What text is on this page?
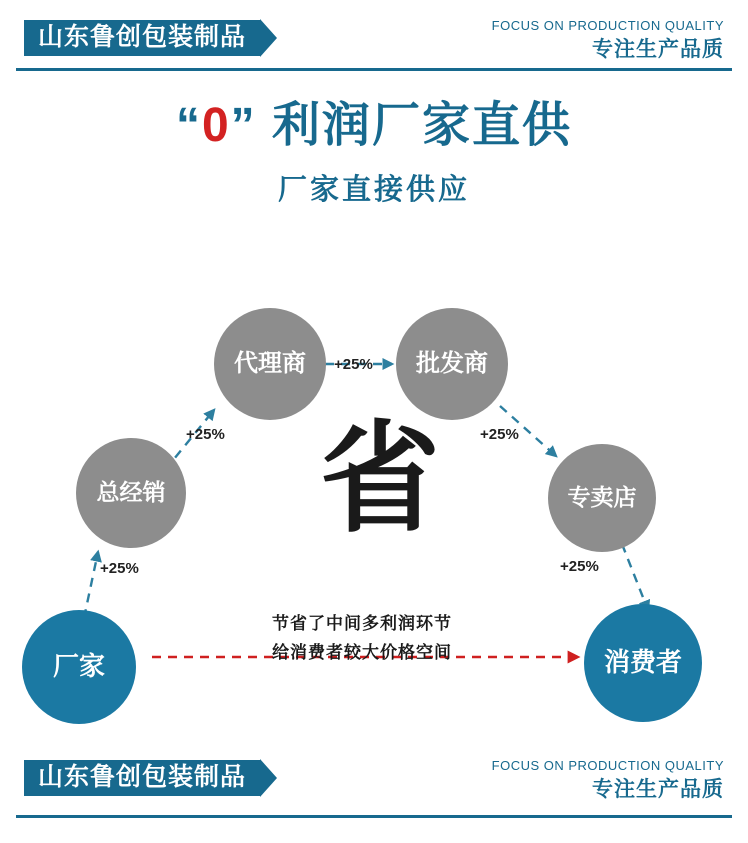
山东鲁创包装制品	FOCUS ON PRODUCTION QUALITY
专注生产品质
“0” 利润厂家直供
厂家直接供应
省
厂家
总经销
代理商	批发商
专卖店
消费者
+25%
+25%
+25%
+25%
+25%
节省了中间多利润环节
给消费者较大价格空间
山东鲁创包装制品	FOCUS ON PRODUCTION QUALITY
专注生产品质
